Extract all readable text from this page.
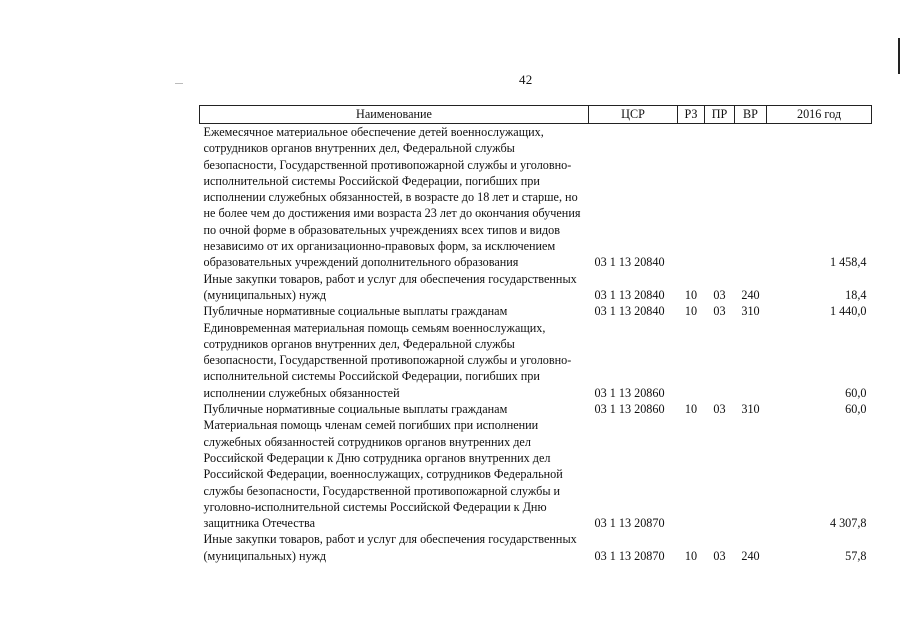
42
Наименование	ЦСР	РЗ	ПР	ВР	2016 год
Ежемесячное материальное обеспечение детей военнослужащих, сотрудников органов внутренних дел, Федеральной службы безопасности, Государственной противопожарной службы и уголовно-исполнительной системы Российской Федерации, погибших при исполнении служебных обязанностей, в возрасте до 18 лет и старше, но не более чем до достижения ими возраста 23 лет до окончания обучения по очной форме в образовательных учреждениях всех типов и видов независимо от их организационно-правовых форм, за исключением образовательных учреждений дополнительного образования	03 1 13 20840				1 458,4
Иные закупки товаров, работ и услуг для обеспечения государственных (муниципальных) нужд	03 1 13 20840	10	03	240	18,4
Публичные нормативные социальные выплаты гражданам	03 1 13 20840	10	03	310	1 440,0
Единовременная материальная помощь семьям военнослужащих, сотрудников органов внутренних дел, Федеральной службы безопасности, Государственной противопожарной службы и уголовно-исполнительной системы Российской Федерации, погибших при исполнении служебных обязанностей	03 1 13 20860				60,0
Публичные нормативные социальные выплаты гражданам	03 1 13 20860	10	03	310	60,0
Материальная помощь членам семей погибших при исполнении служебных обязанностей сотрудников органов внутренних дел Российской Федерации к Дню сотрудника органов внутренних дел Российской Федерации, военнослужащих, сотрудников Федеральной службы безопасности, Государственной противопожарной службы и уголовно-исполнительной системы Российской Федерации к Дню защитника Отечества	03 1 13 20870				4 307,8
Иные закупки товаров, работ и услуг для обеспечения государственных (муниципальных) нужд	03 1 13 20870	10	03	240	57,8
